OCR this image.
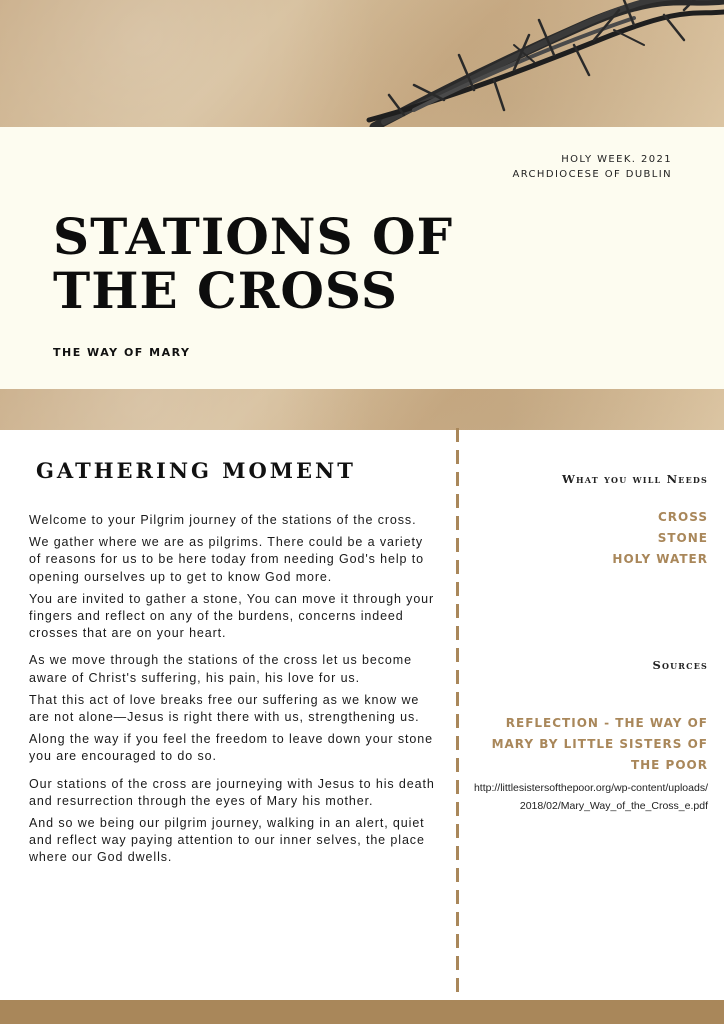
HOLY WEEK. 2021
ARCHDIOCESE OF DUBLIN
STATIONS OF
THE CROSS
THE WAY OF MARY
GATHERING MOMENT

Welcome to your Pilgrim journey of the stations of the cross.

We gather where we are as pilgrims. There could be a variety of reasons for us to be here today from needing God's help to opening ourselves up to get to know God more.

You are invited to gather a stone, You can move it through your fingers and reflect on any of the burdens, concerns indeed crosses that are on your heart.

As we move through the stations of the cross let us become aware of Christ's suffering, his pain, his love for us.

That this act of love breaks free our suffering as we know we are not alone—Jesus is right there with us, strengthening us.

Along the way if you feel the freedom to leave down your stone you are encouraged to do so.

Our stations of the cross are journeying with Jesus to his death and resurrection through the eyes of Mary his mother.

And so we being our pilgrim journey, walking in an alert, quiet and reflect way paying attention to our inner selves, the place where our God dwells.

What you will Needs
CROSS
STONE
HOLY WATER
Sources
REFLECTION - THE WAY OF MARY BY LITTLE SISTERS OF THE POOR
http://littlesistersofthepoor.org/wp-content/uploads/2018/02/Mary_Way_of_the_Cross_e.pdf
